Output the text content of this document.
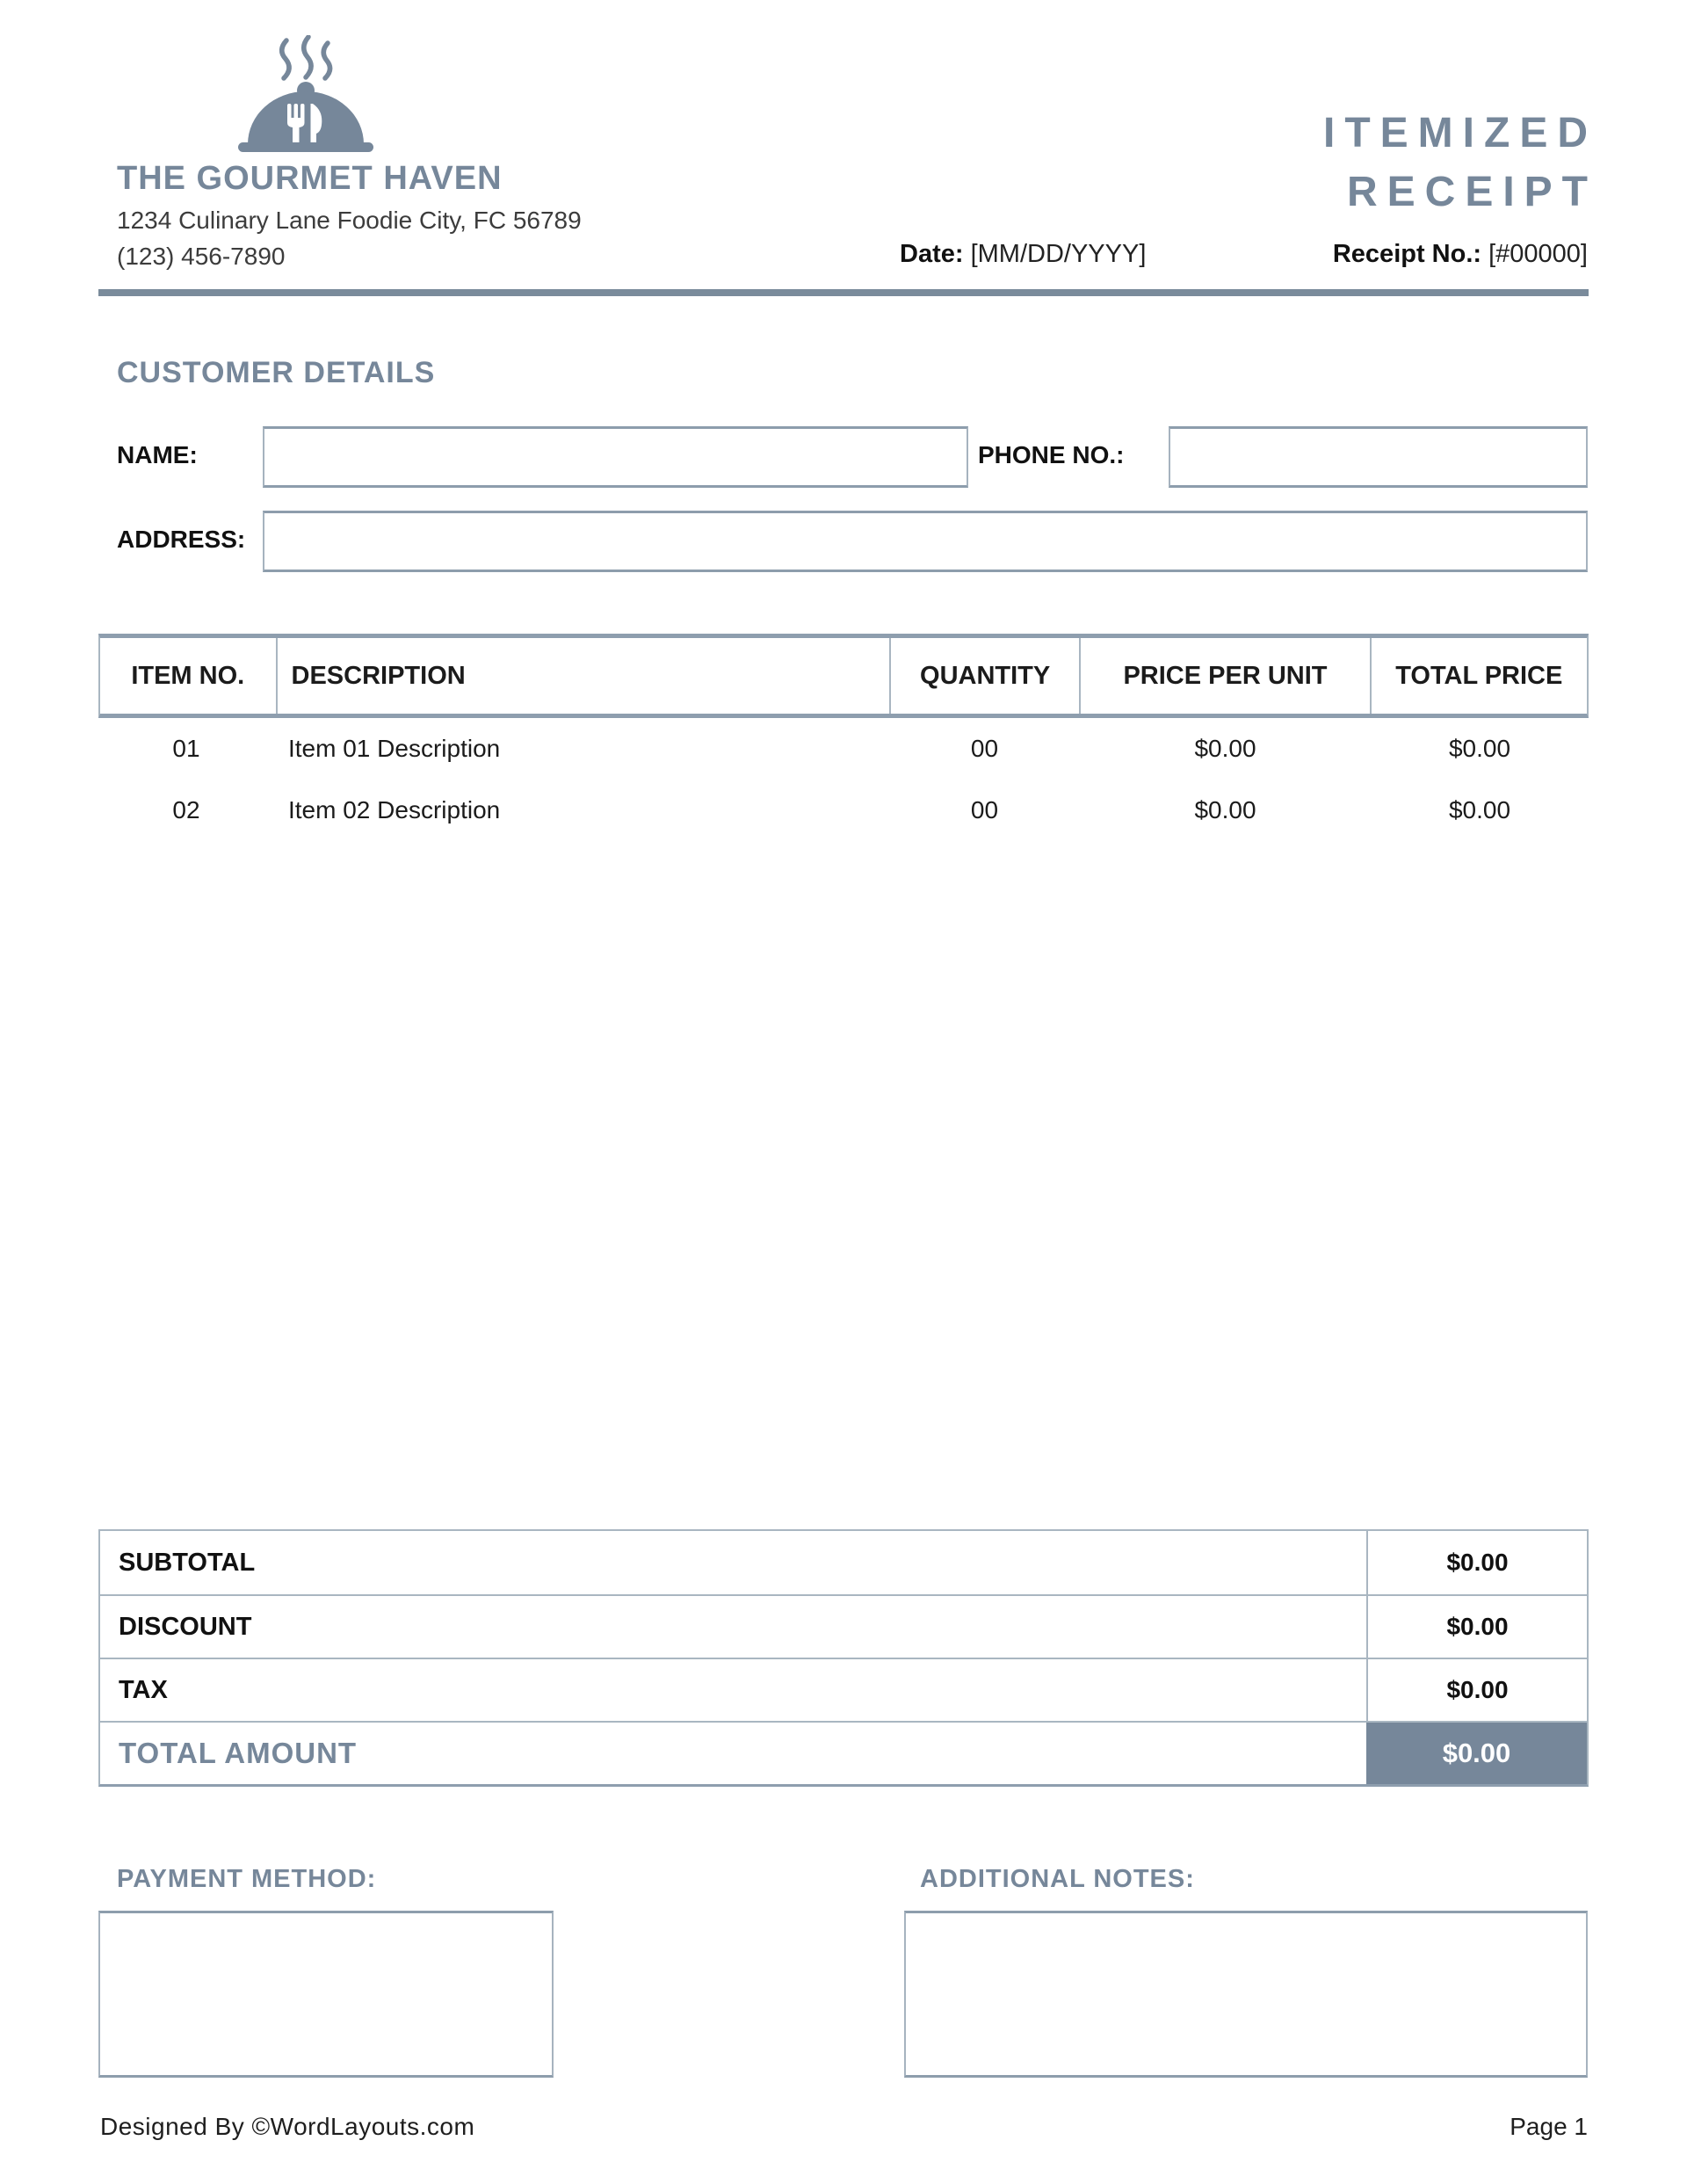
THE GOURMET HAVEN
1234 Culinary Lane Foodie City, FC 56789
(123) 456-7890
ITEMIZED
RECEIPT
Date: [MM/DD/YYYY]	Receipt No.: [#00000]
CUSTOMER DETAILS
NAME:	PHONE NO.:
ADDRESS:
ITEM NO.	DESCRIPTION	QUANTITY	PRICE PER UNIT	TOTAL PRICE
01	Item 01 Description	00	$0.00	$0.00
02	Item 02 Description	00	$0.00	$0.00
SUBTOTAL	$0.00
DISCOUNT	$0.00
TAX	$0.00
TOTAL AMOUNT	$0.00
PAYMENT METHOD:	ADDITIONAL NOTES:
Designed By ©WordLayouts.com	Page 1
